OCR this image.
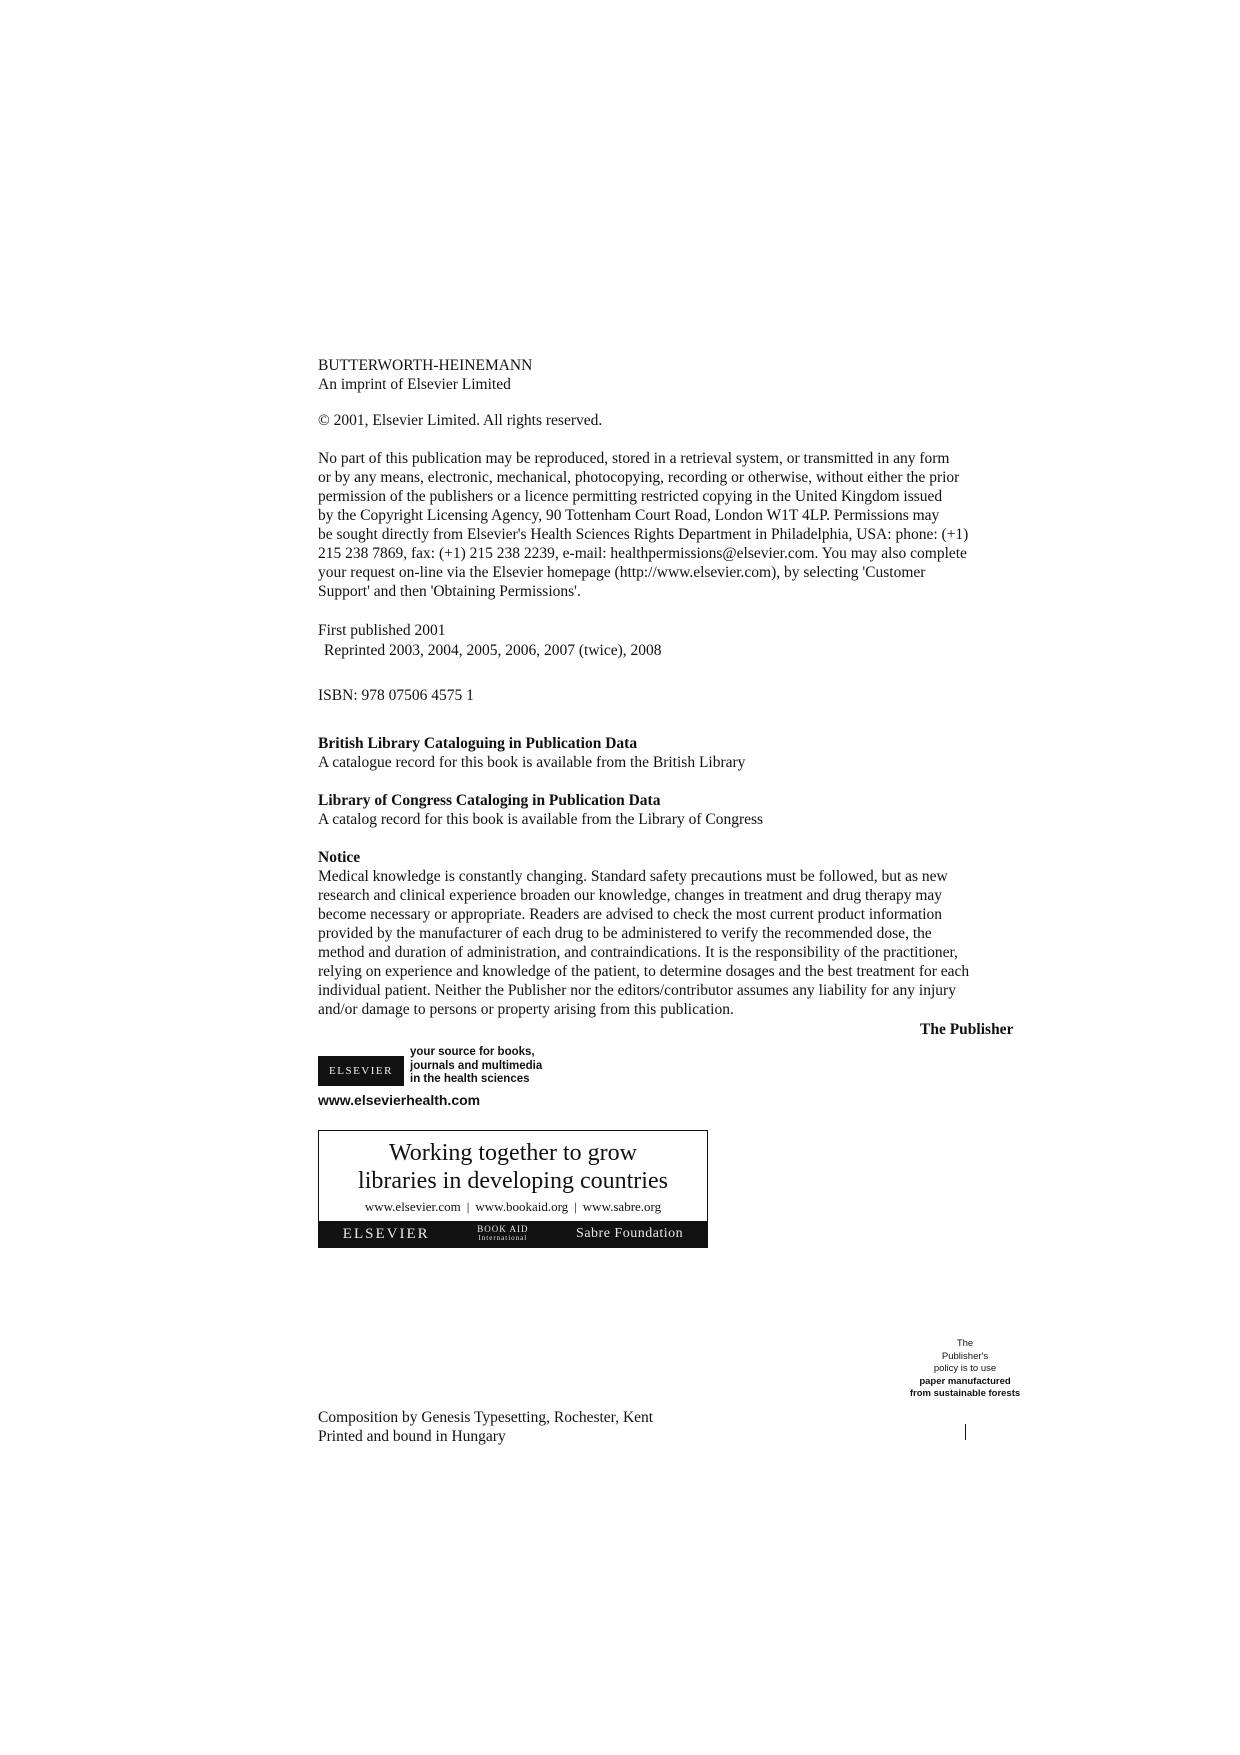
BUTTERWORTH-HEINEMANN

An imprint of Elsevier Limited

© 2001, Elsevier Limited. All rights reserved.

No part of this publication may be reproduced, stored in a retrieval system, or transmitted in any form

or by any means, electronic, mechanical, photocopying, recording or otherwise, without either the prior

permission of the publishers or a licence permitting restricted copying in the United Kingdom issued

by the Copyright Licensing Agency, 90 Tottenham Court Road, London W1T 4LP. Permissions may

be sought directly from Elsevier's Health Sciences Rights Department in Philadelphia, USA: phone: (+1)

215 238 7869, fax: (+1) 215 238 2239, e-mail: healthpermissions@elsevier.com. You may also complete

your request on-line via the Elsevier homepage (http://www.elsevier.com), by selecting 'Customer

Support' and then 'Obtaining Permissions'.

First published 2001

Reprinted 2003, 2004, 2005, 2006, 2007 (twice), 2008

ISBN: 978 07506 4575 1

British Library Cataloguing in Publication Data

A catalogue record for this book is available from the British Library

Library of Congress Cataloging in Publication Data

A catalog record for this book is available from the Library of Congress

Notice

Medical knowledge is constantly changing. Standard safety precautions must be followed, but as new

research and clinical experience broaden our knowledge, changes in treatment and drug therapy may

become necessary or appropriate. Readers are advised to check the most current product information

provided by the manufacturer of each drug to be administered to verify the recommended dose, the

method and duration of administration, and contraindications. It is the responsibility of the practitioner,

relying on experience and knowledge of the patient, to determine dosages and the best treatment for each

individual patient. Neither the Publisher nor the editors/contributor assumes any liability for any injury

and/or damage to persons or property arising from this publication.

The Publisher

ELSEVIER
your source for books,
journals and multimedia
in the health sciences
www.elsevierhealth.com
Working together to grow
libraries in developing countries
www.elsevier.com | www.bookaid.org | www.sabre.org
ELSEVIER	BOOK AID
International	Sabre Foundation
The
Publisher's
policy is to use
paper manufactured
from sustainable forests

Composition by Genesis Typesetting, Rochester, Kent

Printed and bound in Hungary
